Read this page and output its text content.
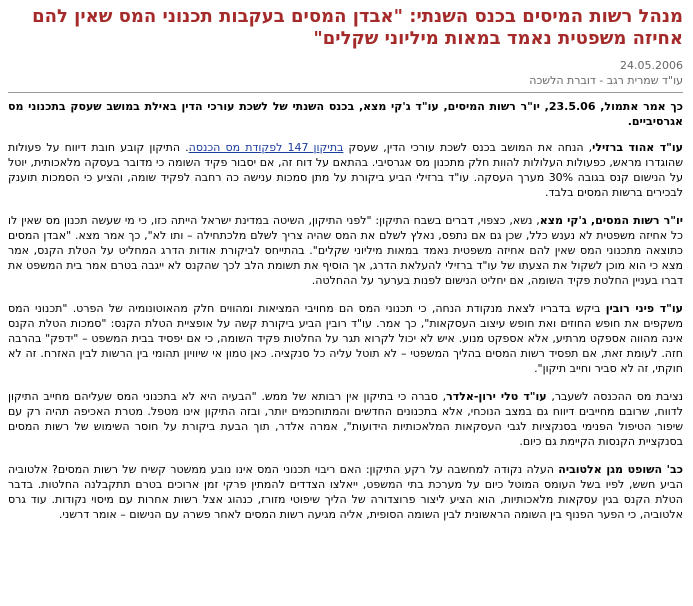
מנהל רשות המיסים בכנס השנתי: "אבדן המסים בעקבות תכנוני המס שאין להם אחיזה משפטית נאמד במאות מיליוני שקלים"
24.05.2006
עו"ד שמרית רגב - דוברת הלשכה

כך אמר אתמול, 23.5.06, יו"ר רשות המיסים, עו"ד ג'קי מצא, בכנס השנתי של לשכת עורכי הדין באילת במושב שעסק בתכנוני מס אגרסיביים.

עו"ד אהוד ברזילי, הנחה את המושב בכנס לשכת עורכי הדין, שעסק בתיקון 147 לפקודת מס הכנסה. התיקון קובע חובת דיווח על פעולות שהוגדרו מראש, כפעולות העלולות להוות חלק מתכנון מס אגרסיבי. בהתאם על דוח זה, אם יסבור פקיד השומה כי מדובר בעסקה מלאכותית, יוטל על הנישום קנס בגובה 30% מערך העסקה. עו"ד ברזילי הביע ביקורת על מתן סמכות ענישה כה רחבה לפקיד שומה, והציע כי הסמכות תוענק לבכירים ברשות המסים בלבד.

יו"ר רשות המסים, ג'קי מצא, נשא, כצפוי, דברים בשבח התיקון: "לפני התיקון, השיטה במדינת ישראל הייתה כזו, כי מי שעשה תכנון מס שאין לו כל אחיזה משפטית לא נענש כלל, שכן גם אם נתפס, נאלץ לשלם את המס שהיה צריך לשלם מלכתחילה – ותו לא", כך אמר מצא. "אבדן המסים כתוצאה מתכנוני המס שאין להם אחיזה משפטית נאמד במאות מיליוני שקלים". בהתייחס לביקורת אודות הדרג המחליט על הטלת הקנס, אמר מצא כי הוא מוכן לשקול את הצעתו של עו"ד ברזילי להעלאת הדרג, אך הוסיף את תשומת הלב לכך שהקנס לא ייגבה בטרם אמר בית המשפט את דברו בעניין החלטת פקיד השומה, אם יחליט הנישום לפנות בערער על ההחלטה.

עו"ד פיני רובין ביקש בדבריו לצאת מנקודת הנחה, כי תכנוני המס הם מחויבי המציאות ומהווים חלק מהאוטונומיה של הפרט. "תכנוני המס משקפים את חופש החוזים ואת חופש עיצוב העסקאות", כך אמר. עו"ד רובין הביע ביקורת קשה על אופציית הטלת הקנס: "סמכות הטלת הקנס אינה מהווה אספקט מרתיע, אלא אספקט מנוע. איש לא יכול לקרוא תגר על החלטות פקיד השומה, כי אם יפסיד בבית המשפט – "ידפק" בהרבה חזה. לעומת זאת, אם תפסיד רשות המסים בהליך המשפטי – לא תוטל עליה כל סנקציה. כאן טמון אי שיוויון תהומי בין הרשות לבין האזרח. זה לא חוקתי, זה לא סביר וחייב תיקון".

נציבת מס ההכנסה לשעבר, עו"ד טלי ירון-אלדר, סברה כי בתיקון אין רבותא של ממש. "הבעיה היא לא בתכנוני המס שעליהם מחייב התיקון לדווח, שרובם מחייבים דיווח גם במצב הנוכחי, אלא בתכנונים החדשים והמתוחכמים יותר, ובזה התיקון אינו מטפל. מטרת האכיפה תהיה רק עם שיפור הטיפול הפנימי בסנקציות לגבי העסקאות המלאכותיות הידועות", אמרה אלדר, תוך הבעת ביקורת על חוסר השימוש של רשות המסים בסנקציית הקנסות הקיימת גם כיום.

כב' השופט מגן אלטוביה העלה נקודה למחשבה על רקע התיקון: האם ריבוי תכנוני המס אינו נובע ממשטר קשיח של רשות המסים? אלטוביה הביע חשש, לפיו בשל העומס המוטל כיום על מערכת בתי המשפט, ייאלצו הצדדים להמתין פרקי זמן ארוכים בטרם תתקבלנה החלטות. בדבר הטלת הקנס בגין עסקאות מלאכותיות, הוא הציע ליצור פרוצדורה של הליך שיפוטי מזורז, כנהוג אצל רשות אחרות עם מיסוי נקודות. עוד גרס אלטוביה, כי הפער הפנוף בין השומה הראשונית לבין השומה הסופית, אליה מגיעה רשות המסים לאחר פשרה עם הנישום – אומר דרשני.
